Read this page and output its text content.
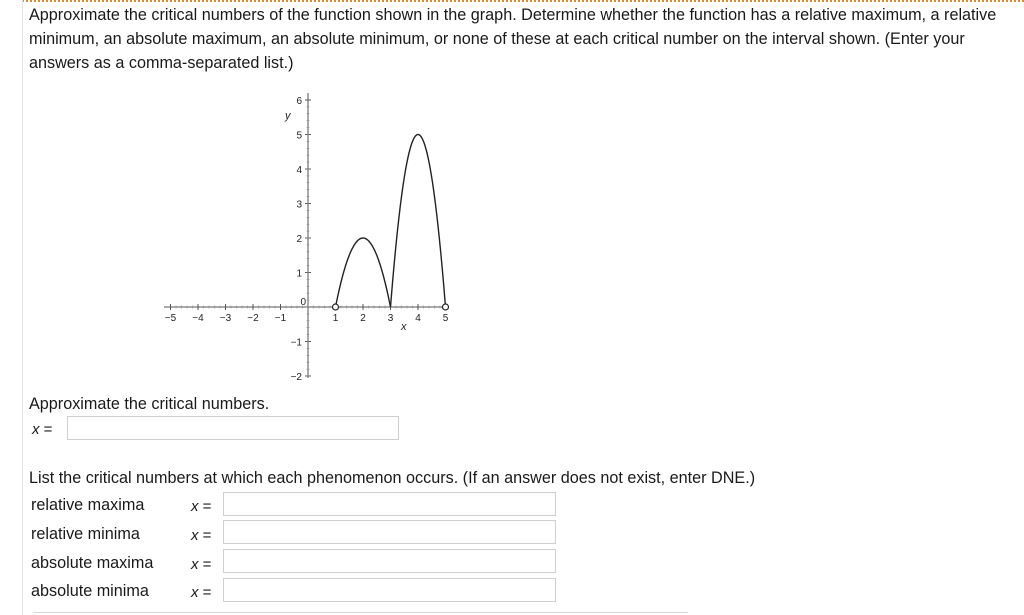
Approximate the critical numbers of the function shown in the graph. Determine whether the function has a relative maximum, a relative minimum, an absolute maximum, an absolute minimum, or none of these at each critical number on the interval shown. (Enter your answers as a comma-separated list.)

−5 −4 −3 −2 −1
0
1 2 3 4 5
6
5
4
3
2
1
−1
−2
y
x
Approximate the critical numbers.
x =
List the critical numbers at which each phenomenon occurs. (If an answer does not exist, enter DNE.)
relative maxima	x =
relative minima	x =
absolute maxima	x =
absolute minima	x =
